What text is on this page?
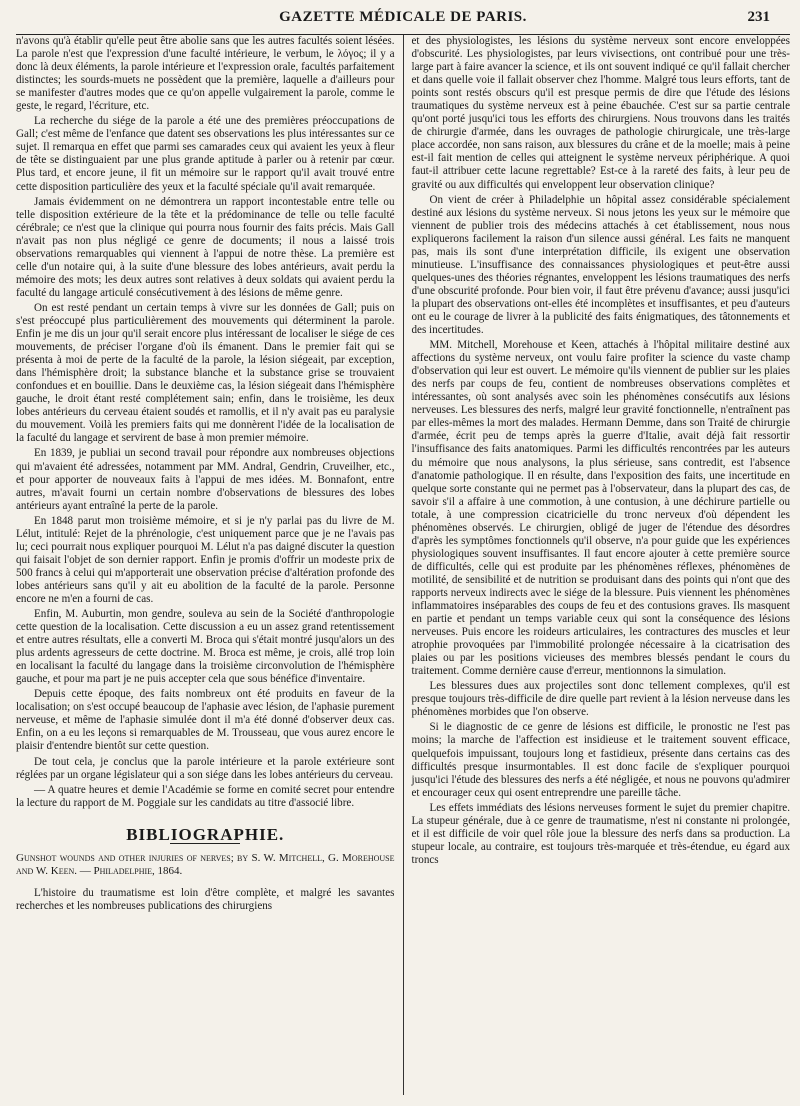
GAZETTE MÉDICALE DE PARIS.	231

n'avons qu'à établir qu'elle peut être abolie sans que les autres facultés soient lésées. La parole n'est que l'expression d'une faculté intérieure, le verbum, le λόγος; il y a donc là deux éléments, la parole intérieure et l'expression orale, facultés parfaitement distinctes; les sourds-muets ne possèdent que la première, laquelle a d'ailleurs pour se manifester d'autres modes que ce qu'on appelle vulgairement la parole, comme le geste, le regard, l'écriture, etc.

La recherche du siége de la parole a été une des premières préoccupations de Gall; c'est même de l'enfance que datent ses observations les plus intéressantes sur ce sujet. Il remarqua en effet que parmi ses camarades ceux qui avaient les yeux à fleur de tête se distinguaient par une plus grande aptitude à parler ou à retenir par cœur. Plus tard, et encore jeune, il fit un mémoire sur le rapport qu'il avait trouvé entre cette disposition particulière des yeux et la faculté spéciale qu'il avait remarquée.

Jamais évidemment on ne démontrera un rapport incontestable entre telle ou telle disposition extérieure de la tête et la prédominance de telle ou telle faculté cérébrale; ce n'est que la clinique qui pourra nous fournir des faits précis. Mais Gall n'avait pas non plus négligé ce genre de documents; il nous a laissé trois observations remarquables qui viennent à l'appui de notre thèse. La première est celle d'un notaire qui, à la suite d'une blessure des lobes antérieurs, avait perdu la mémoire des mots; les deux autres sont relatives à deux soldats qui avaient perdu la faculté du langage articulé consécutivement à des lésions de même genre.

On est resté pendant un certain temps à vivre sur les données de Gall; puis on s'est préoccupé plus particulièrement des mouvements qui déterminent la parole. Enfin je me dis un jour qu'il serait encore plus intéressant de localiser le siége de ces mouvements, de préciser l'organe d'où ils émanent. Dans le premier fait qui se présenta à moi de perte de la faculté de la parole, la lésion siégeait, par exception, dans l'hémisphère droit; la substance blanche et la substance grise se trouvaient confondues et en bouillie. Dans le deuxième cas, la lésion siégeait dans l'hémisphère gauche, le droit étant resté complétement sain; enfin, dans le troisième, les deux lobes antérieurs du cerveau étaient soudés et ramollis, et il n'y avait pas eu paralysie du mouvement. Voilà les premiers faits qui me donnèrent l'idée de la localisation de la faculté du langage et servirent de base à mon premier mémoire.

En 1839, je publiai un second travail pour répondre aux nombreuses objections qui m'avaient été adressées, notamment par MM. Andral, Gendrin, Cruveilher, etc., et pour apporter de nouveaux faits à l'appui de mes idées. M. Bonnafont, entre autres, m'avait fourni un certain nombre d'observations de blessures des lobes antérieurs ayant entraîné la perte de la parole.

En 1848 parut mon troisième mémoire, et si je n'y parlai pas du livre de M. Lélut, intitulé: Rejet de la phrénologie, c'est uniquement parce que je ne l'avais pas lu; ceci pourrait nous expliquer pourquoi M. Lélut n'a pas daigné discuter la question qui faisait l'objet de son dernier rapport. Enfin je promis d'offrir un modeste prix de 500 francs à celui qui m'apporterait une observation précise d'altération profonde des lobes antérieurs sans qu'il y ait eu abolition de la faculté de la parole. Personne encore ne m'en a fourni de cas.

Enfin, M. Auburtin, mon gendre, souleva au sein de la Société d'anthropologie cette question de la localisation. Cette discussion a eu un assez grand retentissement et entre autres résultats, elle a converti M. Broca qui s'était montré jusqu'alors un des plus ardents agresseurs de cette doctrine. M. Broca est même, je crois, allé trop loin en localisant la faculté du langage dans la troisième circonvolution de l'hémisphère gauche, et pour ma part je ne puis accepter cela que sous bénéfice d'inventaire.

Depuis cette époque, des faits nombreux ont été produits en faveur de la localisation; on s'est occupé beaucoup de l'aphasie avec lésion, de l'aphasie purement nerveuse, et même de l'aphasie simulée dont il m'a été donné d'observer deux cas. Enfin, on a eu les leçons si remarquables de M. Trousseau, que vous aurez encore le plaisir d'entendre bientôt sur cette question.

De tout cela, je conclus que la parole intérieure et la parole extérieure sont réglées par un organe législateur qui a son siége dans les lobes antérieurs du cerveau.

— A quatre heures et demie l'Académie se forme en comité secret pour entendre la lecture du rapport de M. Poggiale sur les candidats au titre d'associé libre.

BIBLIOGRAPHIE.

Gunshot wounds and other injuries of nerves; by S. W. Mitchell, G. Morehouse and W. Keen. — Philadelphie, 1864.

L'histoire du traumatisme est loin d'être complète, et malgré les savantes recherches et les nombreuses publications des chirurgiens

et des physiologistes, les lésions du système nerveux sont encore enveloppées d'obscurité. Les physiologistes, par leurs vivisections, ont contribué pour une très-large part à faire avancer la science, et ils ont souvent indiqué ce qu'il fallait chercher et dans quelle voie il fallait observer chez l'homme. Malgré tous leurs efforts, tant de points sont restés obscurs qu'il est presque permis de dire que l'étude des lésions traumatiques du système nerveux est à peine ébauchée. C'est sur sa partie centrale qu'ont porté jusqu'ici tous les efforts des chirurgiens. Nous trouvons dans les traités de chirurgie d'armée, dans les ouvrages de pathologie chirurgicale, une très-large place accordée, non sans raison, aux blessures du crâne et de la moelle; mais à peine est-il fait mention de celles qui atteignent le système nerveux périphérique. A quoi faut-il attribuer cette lacune regrettable? Est-ce à la rareté des faits, à leur peu de gravité ou aux difficultés qui enveloppent leur observation clinique?

On vient de créer à Philadelphie un hôpital assez considérable spécialement destiné aux lésions du système nerveux. Si nous jetons les yeux sur le mémoire que viennent de publier trois des médecins attachés à cet établissement, nous nous expliquerons facilement la raison d'un silence aussi général. Les faits ne manquent pas, mais ils sont d'une interprétation difficile, ils exigent une observation minutieuse. L'insuffisance des connaissances physiologiques et peut-être aussi quelques-unes des théories régnantes, enveloppent les lésions traumatiques des nerfs d'une obscurité profonde. Pour bien voir, il faut être prévenu d'avance; aussi jusqu'ici la plupart des observations ont-elles été incomplètes et insuffisantes, et peu d'auteurs ont eu le courage de livrer à la publicité des faits énigmatiques, des tâtonnements et des incertitudes.

MM. Mitchell, Morehouse et Keen, attachés à l'hôpital militaire destiné aux affections du système nerveux, ont voulu faire profiter la science du vaste champ d'observation qui leur est ouvert. Le mémoire qu'ils viennent de publier sur les plaies des nerfs par coups de feu, contient de nombreuses observations complètes et intéressantes, où sont analysés avec soin les phénomènes consécutifs aux lésions nerveuses. Les blessures des nerfs, malgré leur gravité fonctionnelle, n'entraînent pas par elles-mêmes la mort des malades. Hermann Demme, dans son Traité de chirurgie d'armée, écrit peu de temps après la guerre d'Italie, avait déjà fait ressortir l'insuffisance des faits anatomiques. Parmi les difficultés rencontrées par les auteurs du mémoire que nous analysons, la plus sérieuse, sans contredit, est l'absence d'anatomie pathologique. Il en résulte, dans l'exposition des faits, une incertitude en quelque sorte constante qui ne permet pas à l'observateur, dans la plupart des cas, de savoir s'il a affaire à une commotion, à une contusion, à une déchirure partielle ou totale, à une compression cicatricielle du tronc nerveux d'où dépendent les phénomènes observés. Le chirurgien, obligé de juger de l'étendue des désordres d'après les symptômes fonctionnels qu'il observe, n'a pour guide que les expériences physiologiques souvent insuffisantes. Il faut encore ajouter à cette première source de difficultés, celle qui est produite par les phénomènes réflexes, phénomènes de motilité, de sensibilité et de nutrition se produisant dans des points qui n'ont que des rapports nerveux indirects avec le siége de la blessure. Puis viennent les phénomènes inflammatoires inséparables des coups de feu et des contusions graves. Ils masquent en partie et pendant un temps variable ceux qui sont la conséquence des lésions nerveuses. Puis encore les roideurs articulaires, les contractures des muscles et leur atrophie provoquées par l'immobilité prolongée nécessaire à la cicatrisation des plaies ou par les positions vicieuses des membres blessés pendant le cours du traitement. Comme dernière cause d'erreur, mentionnons la simulation.

Les blessures dues aux projectiles sont donc tellement complexes, qu'il est presque toujours très-difficile de dire quelle part revient à la lésion nerveuse dans les phénomènes morbides que l'on observe.

Si le diagnostic de ce genre de lésions est difficile, le pronostic ne l'est pas moins; la marche de l'affection est insidieuse et le traitement souvent efficace, quelquefois impuissant, toujours long et fastidieux, présente dans certains cas des difficultés presque insurmontables. Il est donc facile de s'expliquer pourquoi jusqu'ici l'étude des blessures des nerfs a été négligée, et nous ne pouvons qu'admirer et encourager ceux qui osent entreprendre une pareille tâche.

Les effets immédiats des lésions nerveuses forment le sujet du premier chapitre. La stupeur générale, due à ce genre de traumatisme, n'est ni constante ni prolongée, et il est difficile de voir quel rôle joue la blessure des nerfs dans sa production. La stupeur locale, au contraire, est toujours très-marquée et très-étendue, eu égard aux troncs
